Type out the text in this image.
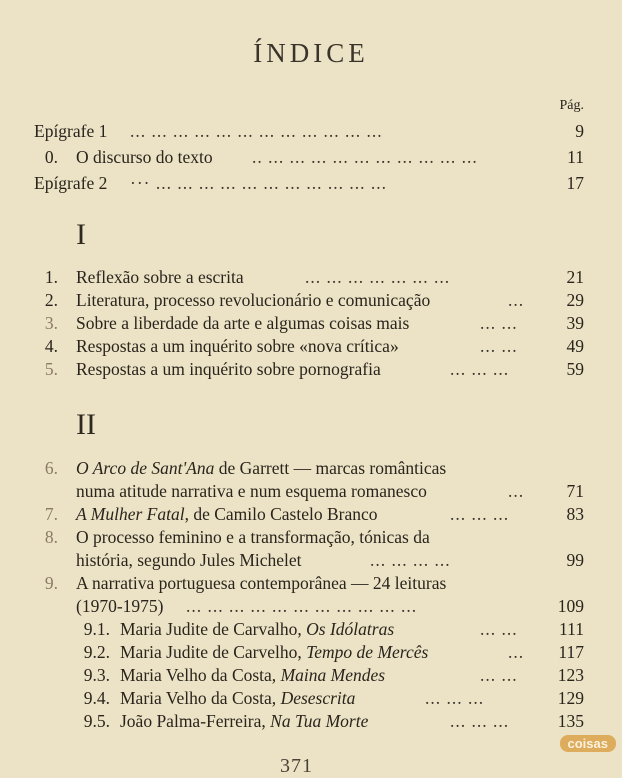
ÍNDICE
Pág.
Epígrafe 1 ... ... ... ... ... ... ... ... ... ... ... ...	9
0. O discurso do texto .. ... ... ... ... ... ... ... ... ... ...	11
Epígrafe 2 ··· ... ... ... ... ... ... ... ... ... ... ...	17
I
1. Reflexão sobre a escrita	... ... ... ... ... ... ...	21
2. Literatura, processo revolucionário e comunicação	...	29
3. Sobre a liberdade da arte e algumas coisas mais	... ...	39
4. Respostas a um inquérito sobre «nova crítica»	... ...	49
5. Respostas a um inquérito sobre pornografia	... ... ...	59
II
6. O Arco de Sant'Ana de Garrett — marcas românticas
numa atitude narrativa e num esquema romanesco	...	71
7. A Mulher Fatal, de Camilo Castelo Branco	... ... ...	83
8. O processo feminino e a transformação, tónicas da
história, segundo Jules Michelet	... ... ... ...	99
9. A narrativa portuguesa contemporânea — 24 leituras
(1970-1975) ... ... ... ... ... ... ... ... ... ... ...	109
9.1. Maria Judite de Carvalho, Os Idólatras	... ...	111
9.2. Maria Judite de Carvelho, Tempo de Mercês	...	117
9.3. Maria Velho da Costa, Maina Mendes	... ...	123
9.4. Maria Velho da Costa, Desescrita	... ... ...	129
9.5. João Palma-Ferreira, Na Tua Morte	... ... ...	135
371
coisas
